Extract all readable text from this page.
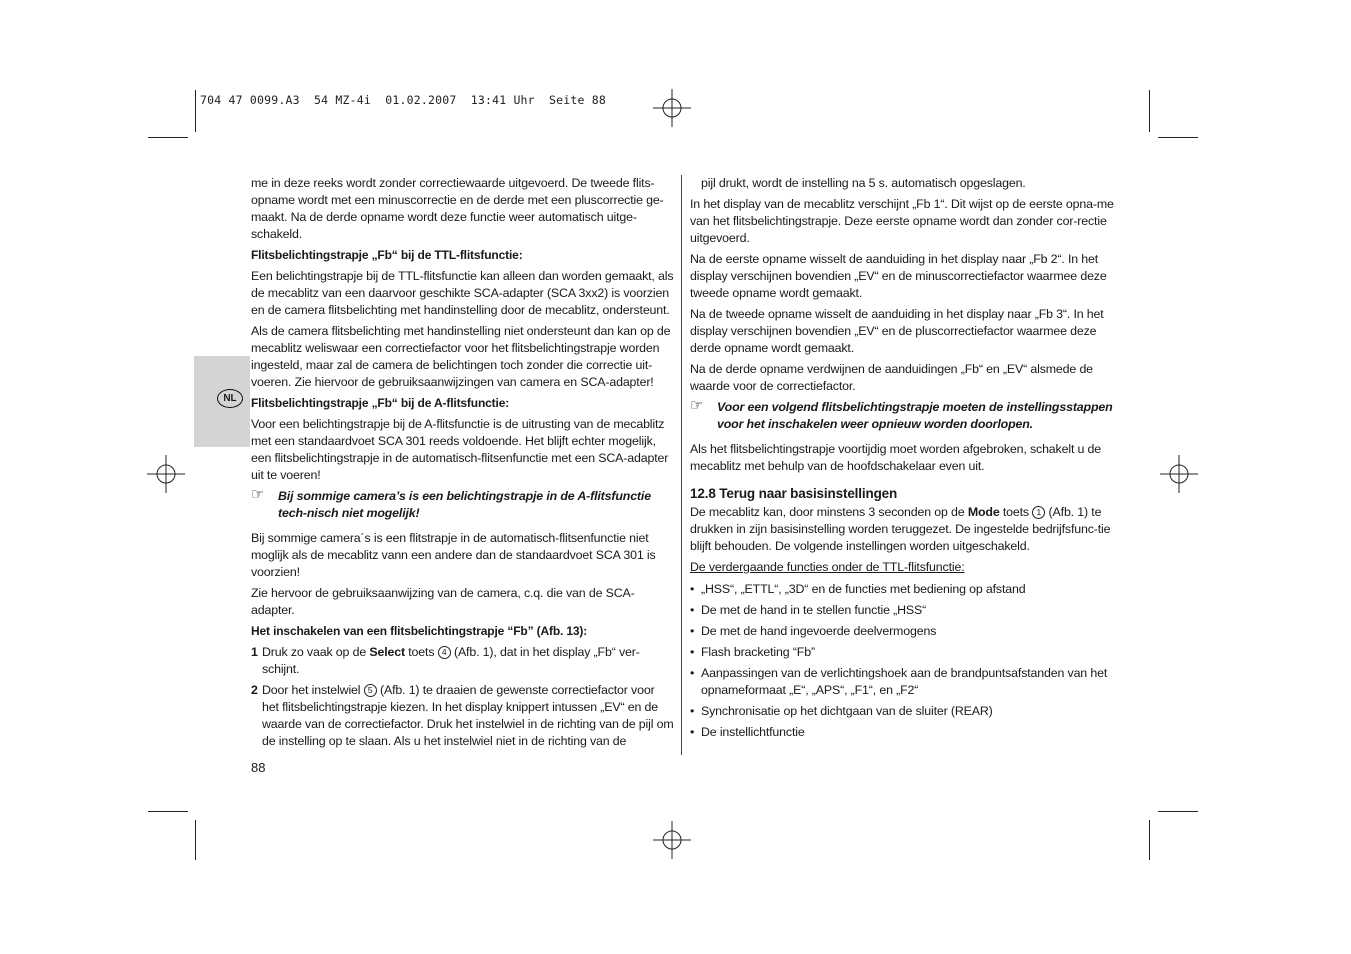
704 47 0099.A3  54 MZ-4i  01.02.2007  13:41 Uhr  Seite 88
NL

me in deze reeks wordt zonder correctiewaarde uitgevoerd. De tweede flits-opname wordt met een minuscorrectie en de derde met een pluscorrectie ge-maakt. Na de derde opname wordt deze functie weer automatisch uitge-schakeld.

Flitsbelichtingstrapje „Fb“ bij de TTL-flitsfunctie:

Een belichtingstrapje bij de TTL-flitsfunctie kan alleen dan worden gemaakt, als de mecablitz van een daarvoor geschikte SCA-adapter (SCA 3xx2) is voorzien en de camera flitsbelichting met handinstelling door de mecablitz, ondersteunt.

Als de camera flitsbelichting met handinstelling niet ondersteunt dan kan op de mecablitz weliswaar een correctiefactor voor het flitsbelichtingstrapje worden ingesteld, maar zal de camera de belichtingen toch zonder die correctie uit-voeren. Zie hiervoor de gebruiksaanwijzingen van camera en SCA-adapter!

Flitsbelichtingstrapje „Fb“ bij de A-flitsfunctie:

Voor een belichtingstrapje bij de A-flitsfunctie is de uitrusting van de mecablitz met een standaardvoet SCA 301 reeds voldoende. Het blijft echter mogelijk, een flitsbelichtingstrapje in de automatisch-flitsenfunctie met een SCA-adapter uit te voeren!

☞ Bij sommige camera’s is een belichtingstrapje in de A-flitsfunctie tech-nisch niet mogelijk!

Bij sommige camera´s is een flitstrapje in de automatisch-flitsenfunctie niet moglijk als de mecablitz vann een andere dan de standaardvoet SCA 301 is voorzien!

Zie hervoor de gebruiksaanwijzing van de camera, c.q. die van de SCA-adapter.

Het inschakelen van een flitsbelichtingstrapje “Fb” (Afb. 13):

1 Druk zo vaak op de Select toets 4 (Afb. 1), dat in het display „Fb“ ver-schijnt.
2 Door het instelwiel 5 (Afb. 1) te draaien de gewenste correctiefactor voor het flitsbelichtingstrapje kiezen. In het display knippert intussen „EV“ en de waarde van de correctiefactor. Druk het instelwiel in de richting van de pijl om de instelling op te slaan. Als u het instelwiel niet in de richting van de

pijl drukt, wordt de instelling na 5 s. automatisch opgeslagen.

In het display van de mecablitz verschijnt „Fb 1“. Dit wijst op de eerste opna-me van het flitsbelichtingstrapje. Deze eerste opname wordt dan zonder cor-rectie uitgevoerd.

Na de eerste opname wisselt de aanduiding in het display naar „Fb 2“. In het display verschijnen bovendien „EV“ en de minuscorrectiefactor waarmee deze tweede opname wordt gemaakt.

Na de tweede opname wisselt de aanduiding in het display naar „Fb 3“. In het display verschijnen bovendien „EV“ en de pluscorrectiefactor waarmee deze derde opname wordt gemaakt.

Na de derde opname verdwijnen de aanduidingen „Fb“ en „EV“ alsmede de waarde voor de correctiefactor.

☞ Voor een volgend flitsbelichtingstrapje moeten de instellingsstappen voor het inschakelen weer opnieuw worden doorlopen.

Als het flitsbelichtingstrapje voortijdig moet worden afgebroken, schakelt u de mecablitz met behulp van de hoofdschakelaar even uit.

12.8 Terug naar basisinstellingen

De mecablitz kan, door minstens 3 seconden op de Mode toets 1 (Afb. 1) te drukken in zijn basisinstelling worden teruggezet. De ingestelde bedrijfsfunc-tie blijft behouden. De volgende instellingen worden uitgeschakeld.

De verdergaande functies onder de TTL-flitsfunctie:

• „HSS“, „ETTL“, „3D“ en de functies met bediening op afstand
• De met de hand in te stellen functie „HSS“
• De met de hand ingevoerde deelvermogens
• Flash bracketing “Fb”
• Aanpassingen van de verlichtingshoek aan de brandpuntsafstanden van het opnameformaat „E“, „APS“, „F1“, en „F2“
• Synchronisatie op het dichtgaan van de sluiter (REAR)
• De instellichtfunctie
88
